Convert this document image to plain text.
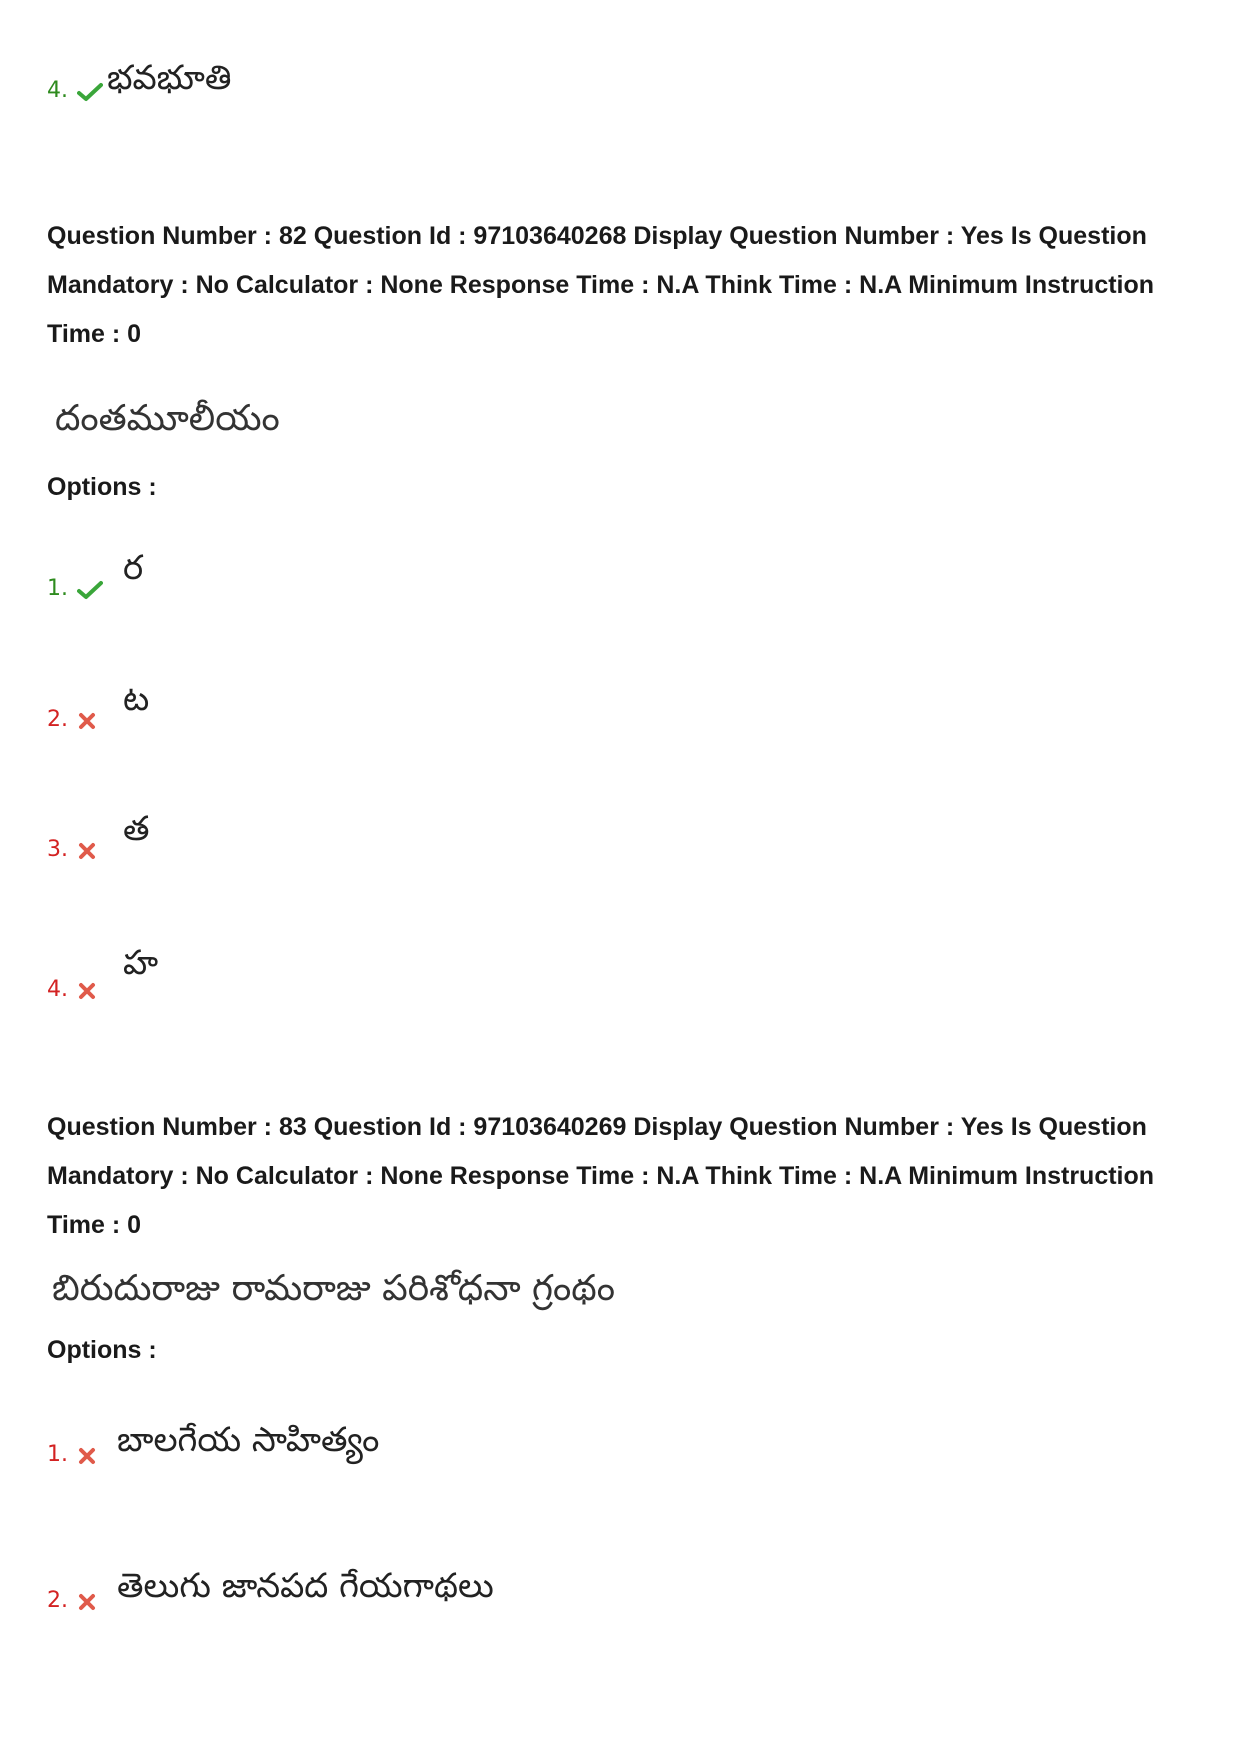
4. భవభూతి
Question Number : 82 Question Id : 97103640268 Display Question Number : Yes Is Question
Mandatory : No Calculator : None Response Time : N.A Think Time : N.A Minimum Instruction
Time : 0
దంతమూలీయం
Options :
1.
ర
2.
ట
3.
త
4.
హ
Question Number : 83 Question Id : 97103640269 Display Question Number : Yes Is Question
Mandatory : No Calculator : None Response Time : N.A Think Time : N.A Minimum Instruction
Time : 0
బిరుదురాజు రామరాజు పరిశోధనా గ్రంథం
Options :
1. బాలగేయ సాహిత్యం
2. తెలుగు జానపద గేయగాథలు
